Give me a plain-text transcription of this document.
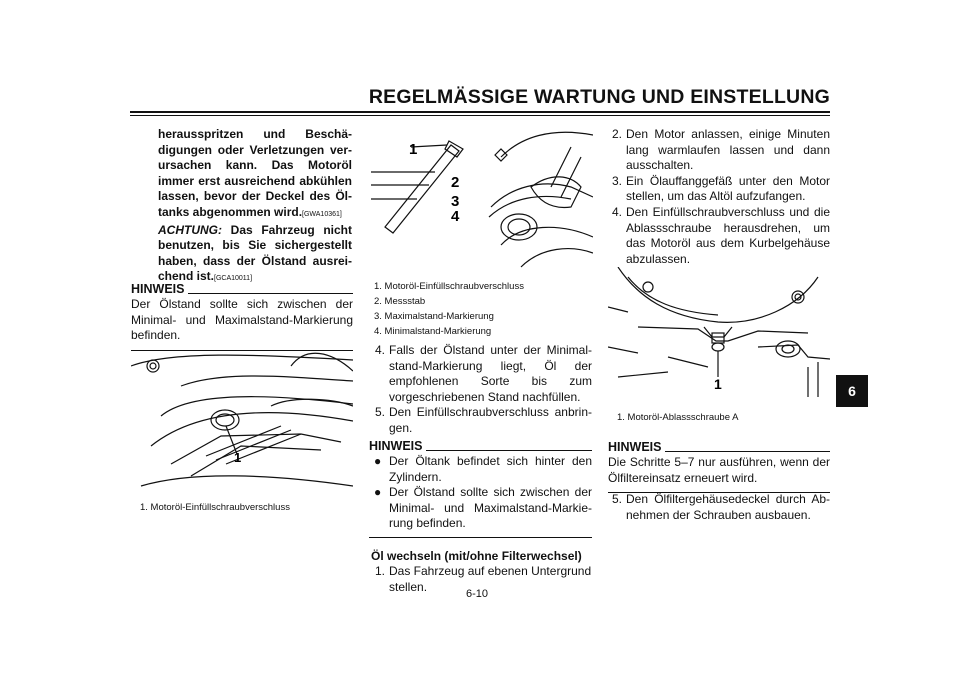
REGELMÄSSIGE WARTUNG UND EINSTELLUNG
6

herausspritzen und Beschä-

digungen oder Verletzungen ver-

ursachen kann. Das Motoröl

immer erst ausreichend abkühlen

lassen, bevor der Deckel des Öl-

tanks abgenommen wird.[GWA10361]

ACHTUNG: Das Fahrzeug nicht benutzen, bis Sie sichergestellt haben, dass der Ölstand ausreichend ist.[GCA10011]

HINWEIS
Der Ölstand sollte sich zwischen der Minimal- und Maximalstand-Markierung befinden.
1
1. Motoröl-Einfüllschraubverschluss
1
2
3
4
1. Motoröl-Einfüllschraubverschluss
2. Messstab
3. Maximalstand-Markierung
4. Minimalstand-Markierung
4. Falls der Ölstand unter der Minimalstand-Markierung liegt, Öl der empfohlenen Sorte bis zum vorgeschriebenen Stand nachfüllen.
5. Den Einfüllschraubverschluss anbringen.
HINWEIS
● Der Öltank befindet sich hinter den Zylindern.
● Der Ölstand sollte sich zwischen der Minimal- und Maximalstand-Markierung befinden.
Öl wechseln (mit/ohne Filterwechsel)
1. Das Fahrzeug auf ebenen Untergrund stellen.
2. Den Motor anlassen, einige Minuten lang warmlaufen lassen und dann ausschalten.
3. Ein Ölauffanggefäß unter den Motor stellen, um das Altöl aufzufangen.
4. Den Einfüllschraubverschluss und die Ablassschraube herausdrehen, um das Motoröl aus dem Kurbelgehäuse abzulassen.
1
1. Motoröl-Ablassschraube A
HINWEIS
Die Schritte 5–7 nur ausführen, wenn der Ölfiltereinsatz erneuert wird.
5. Den Ölfiltergehäusedeckel durch Abnehmen der Schrauben ausbauen.
6-10
